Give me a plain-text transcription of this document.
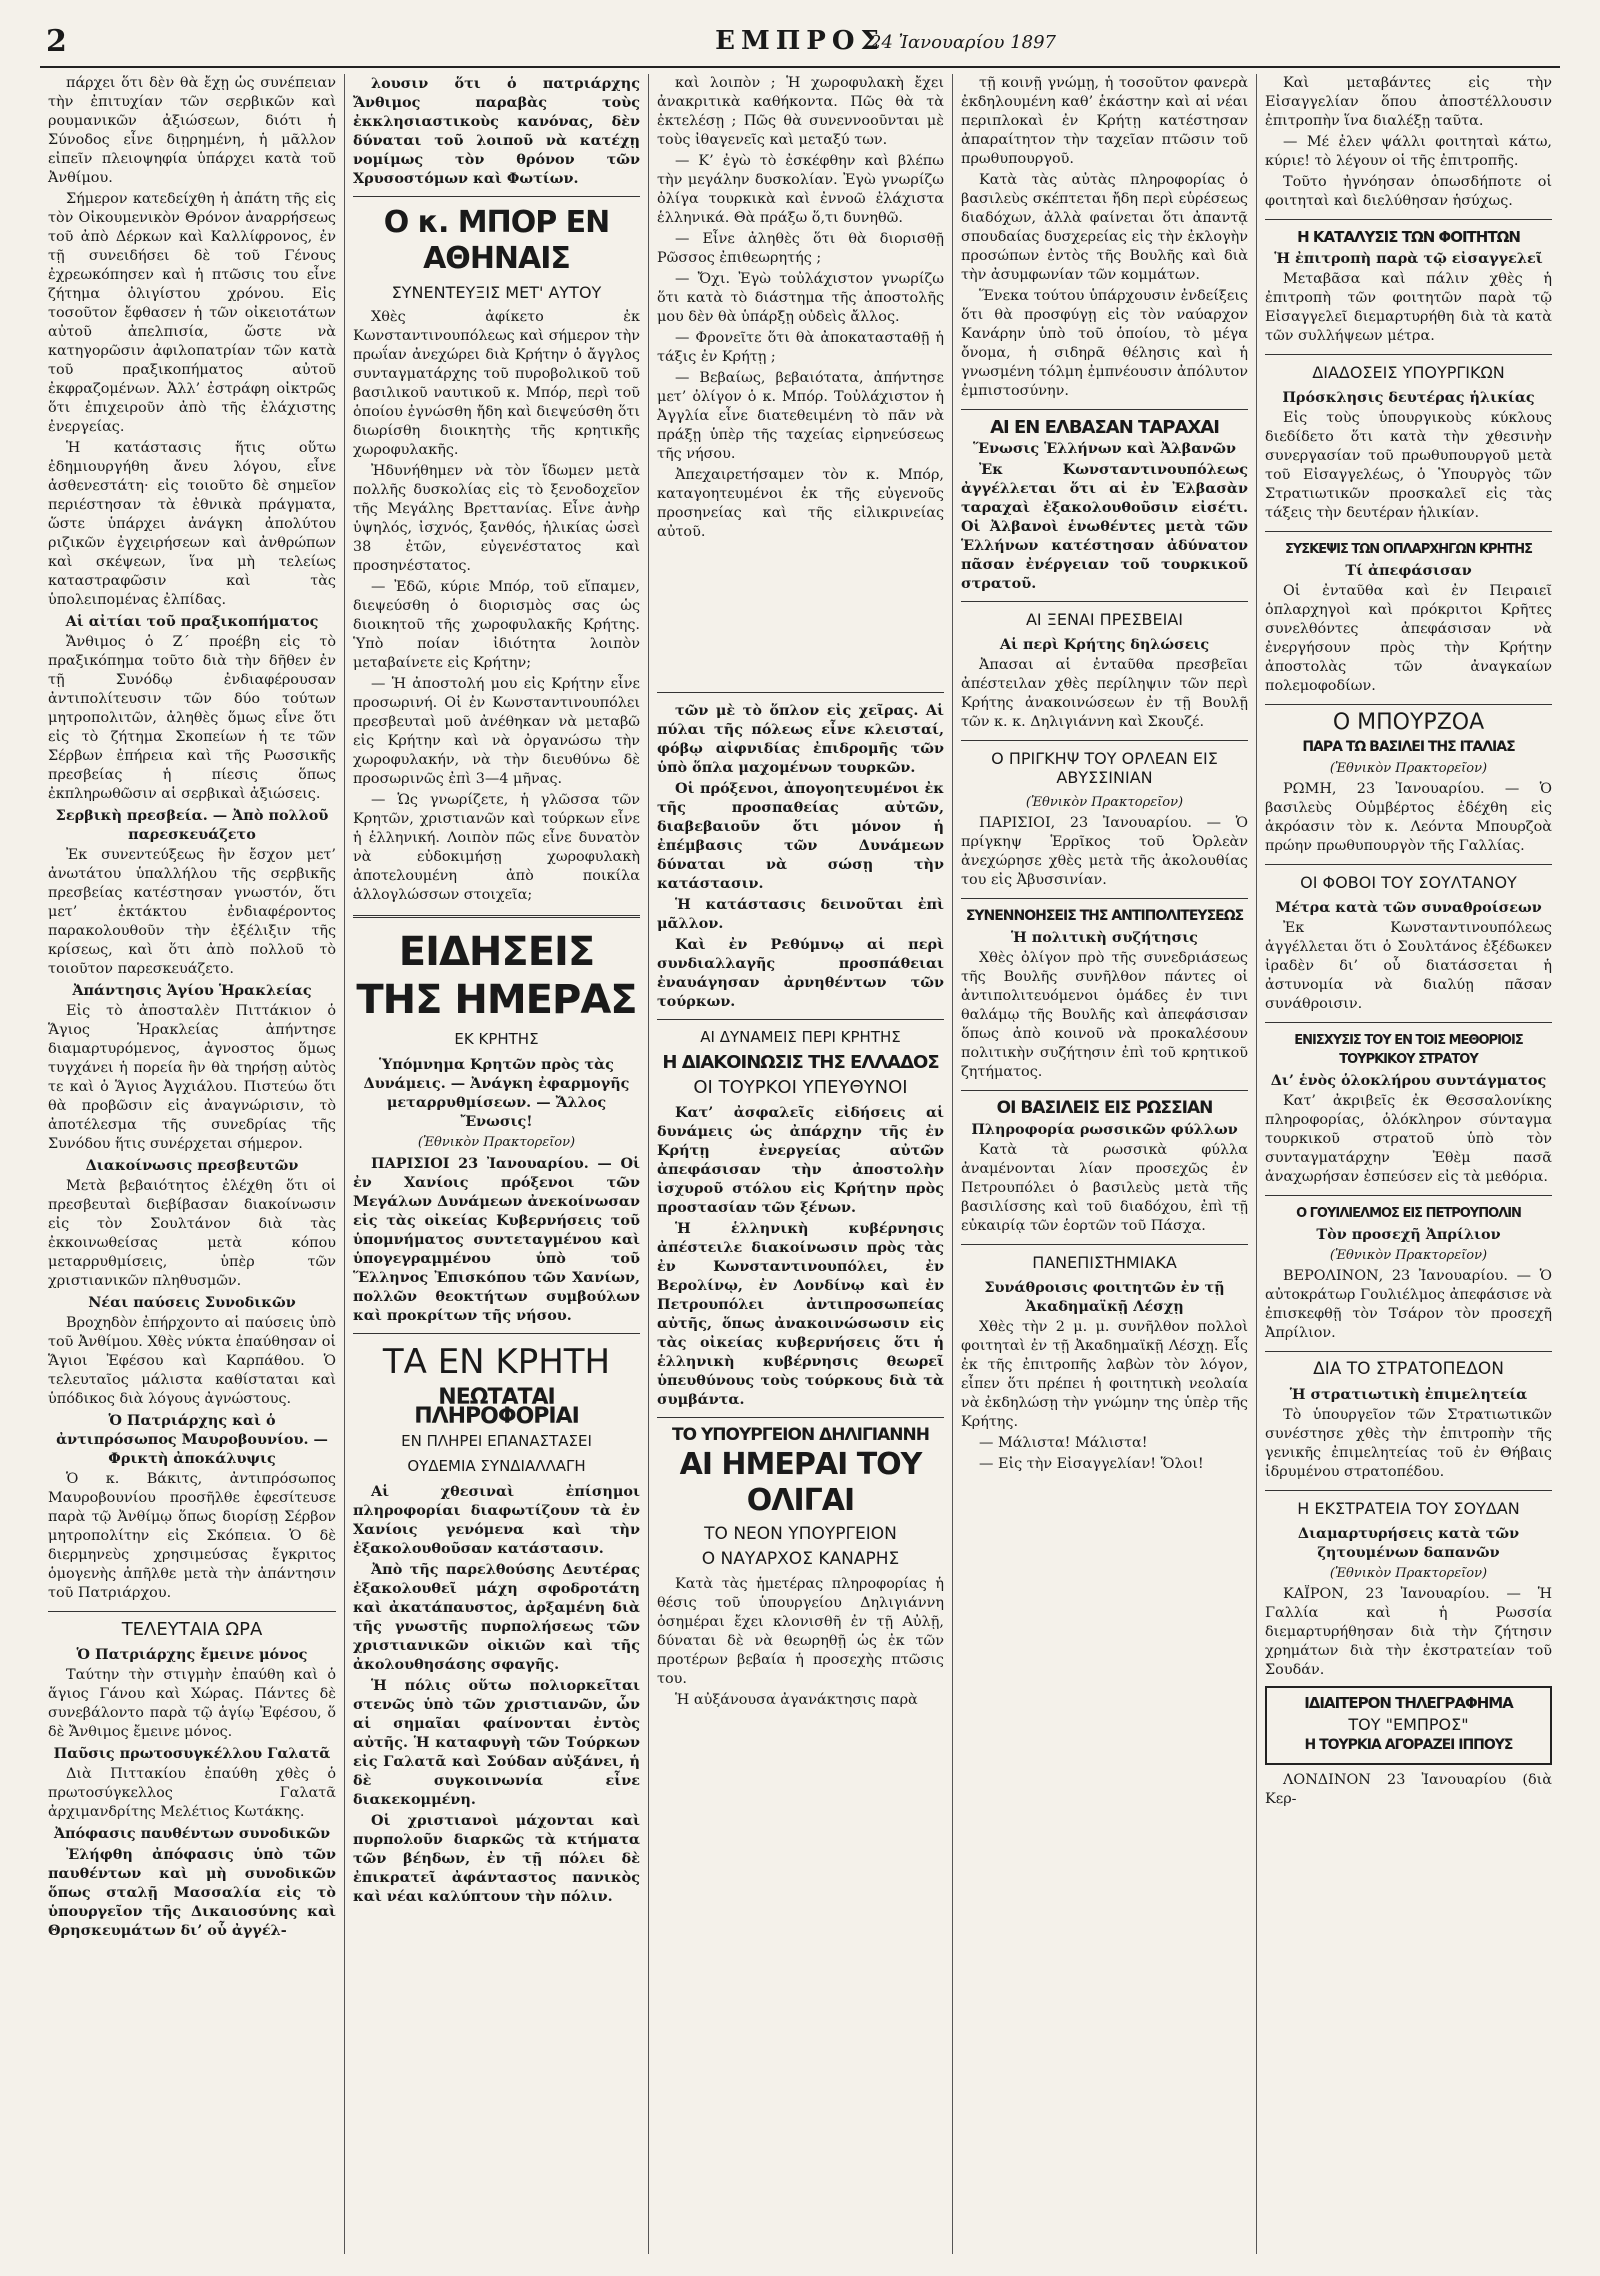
2	ΕΜΠΡΟΣ
24 Ἰανουαρίου 1897

πάρχει ὅτι δὲν θὰ ἔχῃ ὡς συνέπειαν τὴν ἐπιτυχίαν τῶν σερβικῶν καὶ ρουμανικῶν ἀξιώσεων, διότι ἡ Σύνοδος εἶνε διῃρημένη, ἡ μᾶλλον εἰπεῖν πλειοψηφία ὑπάρχει κατὰ τοῦ Ἀνθίμου.

Σήμερον κατεδείχθη ἡ ἀπάτη τῆς εἰς τὸν Οἰκουμενικὸν Θρόνον ἀναρρήσεως τοῦ ἀπὸ Δέρκων καὶ Καλλίφρονος, ἐν τῇ συνειδήσει δὲ τοῦ Γένους ἐχρεωκόπησεν καὶ ἡ πτῶσις του εἶνε ζήτημα ὀλιγίστου χρόνου. Εἰς τοσοῦτον ἔφθασεν ἡ τῶν οἰκειοτάτων αὐτοῦ ἀπελπισία, ὥστε νὰ κατηγορῶσιν ἀφιλοπατρίαν τῶν κατὰ τοῦ πραξικοπήματος αὐτοῦ ἐκφραζομένων. Ἀλλ’ ἐστράφη οἰκτρῶς ὅτι ἐπιχειροῦν ἀπὸ τῆς ἐλάχιστης ἐνεργείας.

Ἡ κατάστασις ἥτις οὕτω ἐδημιουργήθη ἄνευ λόγου, εἶνε ἀσθενεστάτη· εἰς τοιοῦτο δὲ σημεῖον περιέστησαν τὰ ἐθνικὰ πράγματα, ὥστε ὑπάρχει ἀνάγκη ἀπολύτου ριζικῶν ἐγχειρήσεων καὶ ἀνθρώπων καὶ σκέψεων, ἵνα μὴ τελείως καταστραφῶσιν καὶ τὰς ὑπολειπομένας ἐλπίδας.

Αἱ αἰτίαι τοῦ πραξικοπήματος

Ἄνθιμος ὁ Ζ΄ προέβη εἰς τὸ πραξικόπημα τοῦτο διὰ τὴν δῆθεν ἐν τῇ Συνόδῳ ἐνδιαφέρουσαν ἀντιπολίτευσιν τῶν δύο τούτων μητροπολιτῶν, ἀληθὲς ὅμως εἶνε ὅτι εἰς τὸ ζήτημα Σκοπείων ἡ τε τῶν Σέρβων ἐπήρεια καὶ τῆς Ρωσσικῆς πρεσβείας ἡ πίεσις ὅπως ἐκπληρωθῶσιν αἱ σερβικαὶ ἀξιώσεις.

Σερβικὴ πρεσβεία. — Ἀπὸ πολλοῦ παρεσκευάζετο

Ἐκ συνεντεύξεως ἣν ἔσχον μετ’ ἀνωτάτου ὑπαλλήλου τῆς σερβικῆς πρεσβείας κατέστησαν γνωστόν, ὅτι μετ’ ἐκτάκτου ἐνδιαφέροντος παρακολουθοῦν τὴν ἐξέλιξιν τῆς κρίσεως, καὶ ὅτι ἀπὸ πολλοῦ τὸ τοιοῦτον παρεσκευάζετο.

Ἀπάντησις Ἁγίου Ἡρακλείας

Εἰς τὸ ἀποσταλὲν Πιττάκιον ὁ Ἅγιος Ἡρακλείας ἀπήντησε διαμαρτυρόμενος, ἀγνοστος ὅμως τυγχάνει ἡ πορεία ἣν θὰ τηρήσῃ αὐτὸς τε καὶ ὁ Ἅγιος Ἀγχιάλου. Πιστεύω ὅτι θὰ προβῶσιν εἰς ἀναγνώρισιν, τὸ ἀποτέλεσμα τῆς συνεδρίας τῆς Συνόδου ἥτις συνέρχεται σήμερον.

Διακοίνωσις πρεσβευτῶν

Μετὰ βεβαιότητος ἐλέχθη ὅτι οἱ πρεσβευταὶ διεβίβασαν διακοίνωσιν εἰς τὸν Σουλτάνον διὰ τὰς ἐκκοινωθείσας μετὰ κόπου μεταρρυθμίσεις, ὑπὲρ τῶν χριστιανικῶν πληθυσμῶν.

Νέαι παύσεις Συνοδικῶν

Βροχηδὸν ἐπήρχοντο αἱ παύσεις ὑπὸ τοῦ Ἀνθίμου. Χθὲς νύκτα ἐπαύθησαν οἱ Ἅγιοι Ἐφέσου καὶ Καρπάθου. Ὁ τελευταῖος μάλιστα καθίσταται καὶ ὑπόδικος διὰ λόγους ἀγνώστους.

Ὁ Πατριάρχης καὶ ὁ ἀντιπρόσωπος Μαυροβουνίου. — Φρικτὴ ἀποκάλυψις

Ὁ κ. Βάκιτς, ἀντιπρόσωπος Μαυροβουνίου προσῆλθε ἐφεσίτευσε παρὰ τῷ Ἀνθίμῳ ὅπως διορίσῃ Σέρβον μητροπολίτην εἰς Σκόπεια. Ὁ δὲ διερμηνεὺς χρησιμεύσας ἔγκριτος ὁμογενὴς ἀπῆλθε μετὰ τὴν ἀπάντησιν τοῦ Πατριάρχου.

ΤΕΛΕΥΤΑΙΑ ΩΡΑ

Ὁ Πατριάρχης ἔμεινε μόνος

Ταύτην τὴν στιγμὴν ἐπαύθη καὶ ὁ ἅγιος Γάνου καὶ Χώρας. Πάντες δὲ συνεβάλοντο παρὰ τῷ ἁγίῳ Ἐφέσου, ὅ δὲ Ἄνθιμος ἔμεινε μόνος.

Παῦσις πρωτοσυγκέλλου Γαλατᾶ

Διὰ Πιττακίου ἐπαύθη χθὲς ὁ πρωτοσύγκελλος Γαλατᾶ ἀρχιμανδρίτης Μελέτιος Κωτάκης.

Ἀπόφασις παυθέντων συνοδικῶν

Ἐλήφθη ἀπόφασις ὑπὸ τῶν παυθέντων καὶ μὴ συνοδικῶν ὅπως σταλῇ Μασσαλία εἰς τὸ ὑπουργεῖον τῆς Δικαιοσύνης καὶ Θρησκευμάτων δι’ οὗ ἀγγέλ-

λουσιν ὅτι ὁ πατριάρχης Ἄνθιμος παραβὰς τοὺς ἐκκλησιαστικοὺς κανόνας, δὲν δύναται τοῦ λοιποῦ νὰ κατέχῃ νομίμως τὸν θρόνον τῶν Χρυσοστόμων καὶ Φωτίων.

Ο κ. ΜΠΟΡ ΕΝ ΑΘΗΝΑΙΣ

ΣΥΝΕΝΤΕΥΞΙΣ ΜΕΤ' ΑΥΤΟΥ

Χθὲς ἀφίκετο ἐκ Κωνσταντινουπόλεως καὶ σήμερον τὴν πρωΐαν ἀνεχώρει διὰ Κρήτην ὁ ἄγγλος συνταγματάρχης τοῦ πυροβολικοῦ τοῦ βασιλικοῦ ναυτικοῦ κ. Μπόρ, περὶ τοῦ ὁποίου ἐγνώσθη ἤδη καὶ διεψεύσθη ὅτι διωρίσθη διοικητὴς τῆς κρητικῆς χωροφυλακῆς.

Ἠδυνήθημεν νὰ τὸν ἴδωμεν μετὰ πολλῆς δυσκολίας εἰς τὸ ξενοδοχεῖον τῆς Μεγάλης Βρεττανίας. Εἶνε ἀνὴρ ὑψηλός, ἰσχνός, ξανθός, ἡλικίας ὡσεὶ 38 ἐτῶν, εὐγενέστατος καὶ προσηνέστατος.

— Ἐδῶ, κύριε Μπόρ, τοῦ εἴπαμεν, διεψεύσθη ὁ διορισμὸς σας ὡς διοικητοῦ τῆς χωροφυλακῆς Κρήτης. Ὑπὸ ποίαν ἰδιότητα λοιπὸν μεταβαίνετε εἰς Κρήτην;

— Ἡ ἀποστολή μου εἰς Κρήτην εἶνε προσωρινή. Οἱ ἐν Κωνσταντινουπόλει πρεσβευταὶ μοῦ ἀνέθηκαν νὰ μεταβῶ εἰς Κρήτην καὶ νὰ ὀργανώσω τὴν χωροφυλακήν, νὰ τὴν διευθύνω δὲ προσωρινῶς ἐπὶ 3—4 μῆνας.

— Ὡς γνωρίζετε, ἡ γλῶσσα τῶν Κρητῶν, χριστιανῶν καὶ τούρκων εἶνε ἡ ἑλληνική. Λοιπὸν πῶς εἶνε δυνατὸν νὰ εὐδοκιμήσῃ χωροφυλακὴ ἀποτελουμένη ἀπὸ ποικίλα ἀλλογλώσσων στοιχεῖα;

ΕΙΔΗΣΕΙΣ ΤΗΣ ΗΜΕΡΑΣ

ΕΚ ΚΡΗΤΗΣ

Ὑπόμνημα Κρητῶν πρὸς τὰς Δυνάμεις. — Ἀνάγκη ἐφαρμογῆς μεταρρυθμίσεων. — Ἄλλος Ἔνωσις!

(Ἐθνικὸν Πρακτορεῖον)

ΠΑΡΙΣΙΟΙ 23 Ἰανουαρίου. — Οἱ ἐν Χανίοις πρόξενοι τῶν Μεγάλων Δυνάμεων ἀνεκοίνωσαν εἰς τὰς οἰκείας Κυβερνήσεις τοῦ ὑπομνήματος συντεταγμένου καὶ ὑπογεγραμμένου ὑπὸ τοῦ Ἕλληνος Ἐπισκόπου τῶν Χανίων, πολλῶν θεοκτήτων συμβούλων καὶ προκρίτων τῆς νήσου.

ΤΑ ΕΝ ΚΡΗΤΗ

ΝΕΩΤΑΤΑΙ ΠΛΗΡΟΦΟΡΙΑΙ

ΕΝ ΠΛΗΡΕΙ ΕΠΑΝΑΣΤΑΣΕΙ

ΟΥΔΕΜΙΑ ΣΥΝΔΙΑΛΛΑΓΗ

Αἱ χθεσιναὶ ἐπίσημοι πληροφορίαι διαφωτίζουν τὰ ἐν Χανίοις γενόμενα καὶ τὴν ἐξακολουθοῦσαν κατάστασιν.

Ἀπὸ τῆς παρελθούσης Δευτέρας ἐξακολουθεῖ μάχη σφοδροτάτη καὶ ἀκατάπαυστος, ἀρξαμένη διὰ τῆς γνωστῆς πυρπολήσεως τῶν χριστιανικῶν οἰκιῶν καὶ τῆς ἀκολουθησάσης σφαγῆς.

Ἡ πόλις οὕτω πολιορκεῖται στενῶς ὑπὸ τῶν χριστιανῶν, ὧν αἱ σημαῖαι φαίνονται ἐντὸς αὐτῆς. Ἡ καταφυγὴ τῶν Τούρκων εἰς Γαλατᾶ καὶ Σούδαν αὐξάνει, ἡ δὲ συγκοινωνία εἶνε διακεκομμένη.

Οἱ χριστιανοὶ μάχονται καὶ πυρπολοῦν διαρκῶς τὰ κτήματα τῶν βέηδων, ἐν τῇ πόλει δὲ ἐπικρατεῖ ἀφάνταστος πανικὸς καὶ νέαι καλύπτουν τὴν πόλιν.

καὶ λοιπὸν ; Ἡ χωροφυλακὴ ἔχει ἀνακριτικὰ καθήκοντα. Πῶς θὰ τὰ ἐκτελέσῃ ; Πῶς θὰ συνεννοοῦνται μὲ τοὺς ἰθαγενεῖς καὶ μεταξύ των.

— Κ’ ἐγὼ τὸ ἐσκέφθην καὶ βλέπω τὴν μεγάλην δυσκολίαν. Ἐγὼ γνωρίζω ὀλίγα τουρκικὰ καὶ ἐννοῶ ἐλάχιστα ἑλληνικά. Θὰ πράξω ὅ,τι δυνηθῶ.

— Εἶνε ἀληθὲς ὅτι θὰ διορισθῇ Ρῶσσος ἐπιθεωρητής ;

— Ὄχι. Ἐγὼ τοὐλάχιστον γνωρίζω ὅτι κατὰ τὸ διάστημα τῆς ἀποστολῆς μου δὲν θὰ ὑπάρξῃ οὐδεὶς ἄλλος.

— Φρονεῖτε ὅτι θὰ ἀποκατασταθῇ ἡ τάξις ἐν Κρήτῃ ;

— Βεβαίως, βεβαιότατα, ἀπήντησε μετ’ ὀλίγον ὁ κ. Μπόρ. Τοὐλάχιστον ἡ Ἀγγλία εἶνε διατεθειμένη τὸ πᾶν νὰ πράξῃ ὑπὲρ τῆς ταχείας εἰρηνεύσεως τῆς νήσου.

Ἀπεχαιρετήσαμεν τὸν κ. Μπόρ, καταγοητευμένοι ἐκ τῆς εὐγενοῦς προσηνείας καὶ τῆς εἰλικρινείας αὐτοῦ.

τῶν μὲ τὸ ὅπλον εἰς χεῖρας. Αἱ πύλαι τῆς πόλεως εἶνε κλεισταί, φόβῳ αἰφνιδίας ἐπιδρομῆς τῶν ὑπὸ ὅπλα μαχομένων τουρκῶν.

Οἱ πρόξενοι, ἀπογοητευμένοι ἐκ τῆς προσπαθείας αὐτῶν, διαβεβαιοῦν ὅτι μόνον ἡ ἐπέμβασις τῶν Δυνάμεων δύναται νὰ σώσῃ τὴν κατάστασιν.

Ἡ κατάστασις δεινοῦται ἐπὶ μᾶλλον.

Καὶ ἐν Ρεθύμνῳ αἱ περὶ συνδιαλλαγῆς προσπάθειαι ἐναυάγησαν ἀρνηθέντων τῶν τούρκων.

ΑΙ ΔΥΝΑΜΕΙΣ ΠΕΡΙ ΚΡΗΤΗΣ

Η ΔΙΑΚΟΙΝΩΣΙΣ ΤΗΣ ΕΛΛΑΔΟΣ

ΟΙ ΤΟΥΡΚΟΙ ΥΠΕΥΘΥΝΟΙ

Κατ’ ἀσφαλεῖς εἰδήσεις αἱ δυνάμεις ὡς ἀπάρχην τῆς ἐν Κρήτῃ ἐνεργείας αὐτῶν ἀπεφάσισαν τὴν ἀποστολὴν ἰσχυροῦ στόλου εἰς Κρήτην πρὸς προστασίαν τῶν ξένων.

Ἡ ἑλληνικὴ κυβέρνησις ἀπέστειλε διακοίνωσιν πρὸς τὰς ἐν Κωνσταντινουπόλει, ἐν Βερολίνῳ, ἐν Λονδίνῳ καὶ ἐν Πετρουπόλει ἀντιπροσωπείας αὐτῆς, ὅπως ἀνακοινώσωσιν εἰς τὰς οἰκείας κυβερνήσεις ὅτι ἡ ἑλληνικὴ κυβέρνησις θεωρεῖ ὑπευθύνους τοὺς τούρκους διὰ τὰ συμβάντα.

ΤΟ ΥΠΟΥΡΓΕΙΟΝ ΔΗΛΙΓΙΑΝΝΗ

ΑΙ ΗΜΕΡΑΙ ΤΟΥ ΟΛΙΓΑΙ

ΤΟ ΝΕΟΝ ΥΠΟΥΡΓΕΙΟΝ

Ο ΝΑΥΑΡΧΟΣ ΚΑΝΑΡΗΣ

Κατὰ τὰς ἡμετέρας πληροφορίας ἡ θέσις τοῦ ὑπουργείου Δηλιγιάννη ὁσημέραι ἔχει κλονισθῆ ἐν τῇ Αὐλῇ, δύναται δὲ νὰ θεωρηθῇ ὡς ἐκ τῶν προτέρων βεβαία ἡ προσεχὴς πτῶσις του.

Ἡ αὐξάνουσα ἀγανάκτησις παρὰ

τῇ κοινῇ γνώμῃ, ἡ τοσοῦτον φανερὰ ἐκδηλουμένη καθ’ ἑκάστην καὶ αἱ νέαι περιπλοκαὶ ἐν Κρήτῃ κατέστησαν ἀπαραίτητον τὴν ταχεῖαν πτῶσιν τοῦ πρωθυπουργοῦ.

Κατὰ τὰς αὐτὰς πληροφορίας ὁ βασιλεὺς σκέπτεται ἤδη περὶ εὑρέσεως διαδόχων, ἀλλὰ φαίνεται ὅτι ἀπαντᾷ σπουδαίας δυσχερείας εἰς τὴν ἐκλογὴν προσώπων ἐντὸς τῆς Βουλῆς καὶ διὰ τὴν ἀσυμφωνίαν τῶν κομμάτων.

Ἕνεκα τούτου ὑπάρχουσιν ἐνδείξεις ὅτι θὰ προσφύγῃ εἰς τὸν ναύαρχον Κανάρην ὑπὸ τοῦ ὁποίου, τὸ μέγα ὄνομα, ἡ σιδηρᾶ θέλησις καὶ ἡ γνωσμένη τόλμη ἐμπνέουσιν ἀπόλυτον ἐμπιστοσύνην.

ΑΙ ΕΝ ΕΛΒΑΣΑΝ ΤΑΡΑΧΑΙ

Ἕνωσις Ἑλλήνων καὶ Ἀλβανῶν

Ἐκ Κωνσταντινουπόλεως ἀγγέλλεται ὅτι αἱ ἐν Ἐλβασὰν ταραχαὶ ἐξακολουθοῦσιν εἰσέτι. Οἱ Ἀλβανοὶ ἑνωθέντες μετὰ τῶν Ἑλλήνων κατέστησαν ἀδύνατον πᾶσαν ἐνέργειαν τοῦ τουρκικοῦ στρατοῦ.

ΑΙ ΞΕΝΑΙ ΠΡΕΣΒΕΙΑΙ

Αἱ περὶ Κρήτης δηλώσεις

Ἀπασαι αἱ ἐνταῦθα πρεσβεῖαι ἀπέστειλαν χθὲς περίληψιν τῶν περὶ Κρήτης ἀνακοινώσεων ἐν τῇ Βουλῇ τῶν κ. κ. Δηλιγιάννη καὶ Σκουζέ.

Ο ΠΡΙΓΚΗΨ ΤΟΥ ΟΡΛΕΑΝ ΕΙΣ ΑΒΥΣΣΙΝΙΑΝ

(Ἐθνικὸν Πρακτορεῖον)

ΠΑΡΙΣΙΟΙ, 23 Ἰανουαρίου. — Ὁ πρίγκηψ Ἑρρῖκος τοῦ Ὀρλεὰν ἀνεχώρησε χθὲς μετὰ τῆς ἀκολουθίας του εἰς Ἀβυσσινίαν.

ΣΥΝΕΝΝΟΗΣΕΙΣ ΤΗΣ ΑΝΤΙΠΟΛΙΤΕΥΣΕΩΣ

Ἡ πολιτικὴ συζήτησις

Χθὲς ὀλίγον πρὸ τῆς συνεδριάσεως τῆς Βουλῆς συνῆλθον πάντες οἱ ἀντιπολιτευόμενοι ὁμάδες ἐν τινι θαλάμῳ τῆς Βουλῆς καὶ ἀπεφάσισαν ὅπως ἀπὸ κοινοῦ νὰ προκαλέσουν πολιτικὴν συζήτησιν ἐπὶ τοῦ κρητικοῦ ζητήματος.

ΟΙ ΒΑΣΙΛΕΙΣ ΕΙΣ ΡΩΣΣΙΑΝ

Πληροφορία ρωσσικῶν φύλλων

Κατὰ τὰ ρωσσικὰ φύλλα ἀναμένονται λίαν προσεχῶς ἐν Πετρουπόλει ὁ βασιλεὺς μετὰ τῆς βασιλίσσης καὶ τοῦ διαδόχου, ἐπὶ τῇ εὐκαιρίᾳ τῶν ἑορτῶν τοῦ Πάσχα.

ΠΑΝΕΠΙΣΤΗΜΙΑΚΑ

Συνάθροισις φοιτητῶν ἐν τῇ Ἀκαδημαϊκῇ Λέσχῃ

Χθὲς τὴν 2 μ. μ. συνῆλθον πολλοὶ φοιτηταὶ ἐν τῇ Ἀκαδημαϊκῇ Λέσχῃ. Εἷς ἐκ τῆς ἐπιτροπῆς λαβὼν τὸν λόγον, εἶπεν ὅτι πρέπει ἡ φοιτητικὴ νεολαία νὰ ἐκδηλώσῃ τὴν γνώμην της ὑπὲρ τῆς Κρήτης.

— Μάλιστα! Μάλιστα!

— Εἰς τὴν Εἰσαγγελίαν! Ὅλοι!

Καὶ μεταβάντες εἰς τὴν Εἰσαγγελίαν ὅπου ἀποστέλλουσιν ἐπιτροπὴν ἵνα διαλέξῃ ταῦτα.

— Μέ ἐλεν ψάλλι φοιτηταὶ κάτω, κύριε! τὸ λέγουν οἱ τῆς ἐπιτροπῆς.

Τοῦτο ἠγνόησαν ὁπωσδήποτε οἱ φοιτηταὶ καὶ διελύθησαν ἡσύχως.

Η ΚΑΤΑΛΥΣΙΣ ΤΩΝ ΦΟΙΤΗΤΩΝ

Ἡ ἐπιτροπὴ παρὰ τῷ εἰσαγγελεῖ

Μεταβᾶσα καὶ πάλιν χθὲς ἡ ἐπιτροπὴ τῶν φοιτητῶν παρὰ τῷ Εἰσαγγελεῖ διεμαρτυρήθη διὰ τὰ κατὰ τῶν συλλήψεων μέτρα.

ΔΙΑΔΟΣΕΙΣ ΥΠΟΥΡΓΙΚΩΝ

Πρόσκλησις δευτέρας ἡλικίας

Εἰς τοὺς ὑπουργικοὺς κύκλους διεδίδετο ὅτι κατὰ τὴν χθεσινὴν συνεργασίαν τοῦ πρωθυπουργοῦ μετὰ τοῦ Εἰσαγγελέως, ὁ Ὑπουργὸς τῶν Στρατιωτικῶν προσκαλεῖ εἰς τὰς τάξεις τὴν δευτέραν ἡλικίαν.

ΣΥΣΚΕΨΙΣ ΤΩΝ ΟΠΛΑΡΧΗΓΩΝ ΚΡΗΤΗΣ

Τί ἀπεφάσισαν

Οἱ ἐνταῦθα καὶ ἐν Πειραιεῖ ὁπλαρχηγοὶ καὶ πρόκριτοι Κρῆτες συνελθόντες ἀπεφάσισαν νὰ ἐνεργήσουν πρὸς τὴν Κρήτην ἀποστολὰς τῶν ἀναγκαίων πολεμοφοδίων.

Ο ΜΠΟΥΡΖΟΑ

ΠΑΡΑ ΤΩ ΒΑΣΙΛΕΙ ΤΗΣ ΙΤΑΛΙΑΣ

(Ἐθνικὸν Πρακτορεῖον)

ΡΩΜΗ, 23 Ἰανουαρίου. — Ὁ βασιλεὺς Οὑμβέρτος ἐδέχθη εἰς ἀκρόασιν τὸν κ. Λεόντα Μπουρζοὰ πρώην πρωθυπουργὸν τῆς Γαλλίας.

ΟΙ ΦΟΒΟΙ ΤΟΥ ΣΟΥΛΤΑΝΟΥ

Μέτρα κατὰ τῶν συναθροίσεων

Ἐκ Κωνσταντινουπόλεως ἀγγέλλεται ὅτι ὁ Σουλτάνος ἐξέδωκεν ἰραδὲν δι’ οὗ διατάσσεται ἡ ἀστυνομία νὰ διαλύῃ πᾶσαν συνάθροισιν.

ΕΝΙΣΧΥΣΙΣ ΤΟΥ ΕΝ ΤΟΙΣ ΜΕΘΟΡΙΟΙΣ ΤΟΥΡΚΙΚΟΥ ΣΤΡΑΤΟΥ

Δι’ ἑνὸς ὁλοκλήρου συντάγματος

Κατ’ ἀκριβεῖς ἐκ Θεσσαλονίκης πληροφορίας, ὁλόκληρον σύνταγμα τουρκικοῦ στρατοῦ ὑπὸ τὸν συνταγματάρχην Ἐθὲμ πασᾶ ἀναχωρήσαν ἐσπεύσεν εἰς τὰ μεθόρια.

Ο ΓΟΥΙΛΙΕΛΜΟΣ ΕΙΣ ΠΕΤΡΟΥΠΟΛΙΝ

Τὸν προσεχῆ Ἀπρίλιον

(Ἐθνικὸν Πρακτορεῖον)

ΒΕΡΟΛΙΝΟΝ, 23 Ἰανουαρίου. — Ὁ αὐτοκράτωρ Γουλιέλμος ἀπεφάσισε νὰ ἐπισκεφθῇ τὸν Τσάρον τὸν προσεχῆ Ἀπρίλιον.

ΔΙΑ ΤΟ ΣΤΡΑΤΟΠΕΔΟΝ

Ἡ στρατιωτικὴ ἐπιμελητεία

Τὸ ὑπουργεῖον τῶν Στρατιωτικῶν συνέστησε χθὲς τὴν ἐπιτροπὴν τῆς γενικῆς ἐπιμελητείας τοῦ ἐν Θήβαις ἱδρυμένου στρατοπέδου.

Η ΕΚΣΤΡΑΤΕΙΑ ΤΟΥ ΣΟΥΔΑΝ

Διαμαρτυρήσεις κατὰ τῶν ζητουμένων δαπανῶν

(Ἐθνικὸν Πρακτορεῖον)

ΚΑΪΡΟΝ, 23 Ἰανουαρίου. — Ἡ Γαλλία καὶ ἡ Ρωσσία διεμαρτυρήθησαν διὰ τὴν ζήτησιν χρημάτων διὰ τὴν ἐκστρατείαν τοῦ Σουδάν.

ΙΔΙΑΙΤΕΡΟΝ ΤΗΛΕΓΡΑΦΗΜΑ

ΤΟΥ "ΕΜΠΡΟΣ"

Η ΤΟΥΡΚΙΑ ΑΓΟΡΑΖΕΙ ΙΠΠΟΥΣ

ΛΟΝΔΙΝΟΝ 23 Ἰανουαρίου (διὰ Κερ-
